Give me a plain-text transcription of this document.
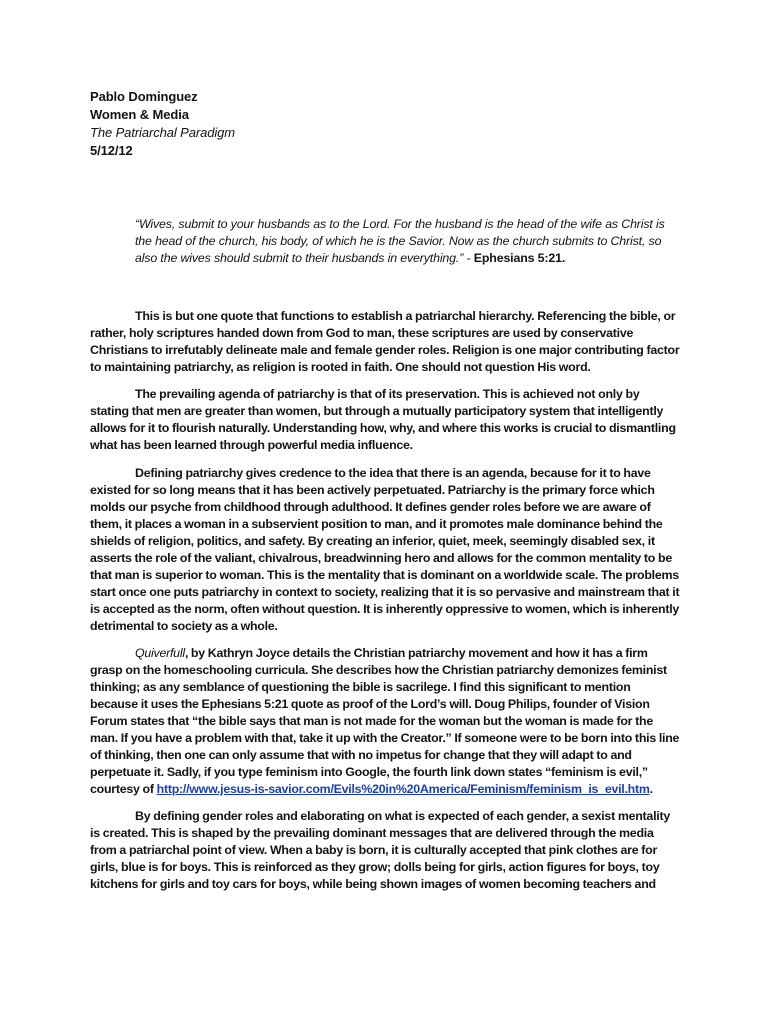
Pablo Dominguez
Women & Media
The Patriarchal Paradigm
5/12/12
“Wives, submit to your husbands as to the Lord. For the husband is the head of the wife as Christ is the head of the church, his body, of which he is the Savior. Now as the church submits to Christ, so also the wives should submit to their husbands in everything.” - Ephesians 5:21.

This is but one quote that functions to establish a patriarchal hierarchy. Referencing the bible, or rather, holy scriptures handed down from God to man, these scriptures are used by conservative Christians to irrefutably delineate male and female gender roles. Religion is one major contributing factor to maintaining patriarchy, as religion is rooted in faith. One should not question His word.

The prevailing agenda of patriarchy is that of its preservation. This is achieved not only by stating that men are greater than women, but through a mutually participatory system that intelligently allows for it to flourish naturally. Understanding how, why, and where this works is crucial to dismantling what has been learned through powerful media influence.

Defining patriarchy gives credence to the idea that there is an agenda, because for it to have existed for so long means that it has been actively perpetuated. Patriarchy is the primary force which molds our psyche from childhood through adulthood. It defines gender roles before we are aware of them, it places a woman in a subservient position to man, and it promotes male dominance behind the shields of religion, politics, and safety. By creating an inferior, quiet, meek, seemingly disabled sex, it asserts the role of the valiant, chivalrous, breadwinning hero and allows for the common mentality to be that man is superior to woman. This is the mentality that is dominant on a worldwide scale. The problems start once one puts patriarchy in context to society, realizing that it is so pervasive and mainstream that it is accepted as the norm, often without question. It is inherently oppressive to women, which is inherently detrimental to society as a whole.

Quiverfull, by Kathryn Joyce details the Christian patriarchy movement and how it has a firm grasp on the homeschooling curricula. She describes how the Christian patriarchy demonizes feminist thinking; as any semblance of questioning the bible is sacrilege. I find this significant to mention because it uses the Ephesians 5:21 quote as proof of the Lord’s will. Doug Philips, founder of Vision Forum states that “the bible says that man is not made for the woman but the woman is made for the man. If you have a problem with that, take it up with the Creator.” If someone were to be born into this line of thinking, then one can only assume that with no impetus for change that they will adapt to and perpetuate it. Sadly, if you type feminism into Google, the fourth link down states “feminism is evil,” courtesy of http://www.jesus-is-savior.com/Evils%20in%20America/Feminism/feminism_is_evil.htm.

By defining gender roles and elaborating on what is expected of each gender, a sexist mentality is created. This is shaped by the prevailing dominant messages that are delivered through the media from a patriarchal point of view. When a baby is born, it is culturally accepted that pink clothes are for girls, blue is for boys. This is reinforced as they grow; dolls being for girls, action figures for boys, toy kitchens for girls and toy cars for boys, while being shown images of women becoming teachers and
